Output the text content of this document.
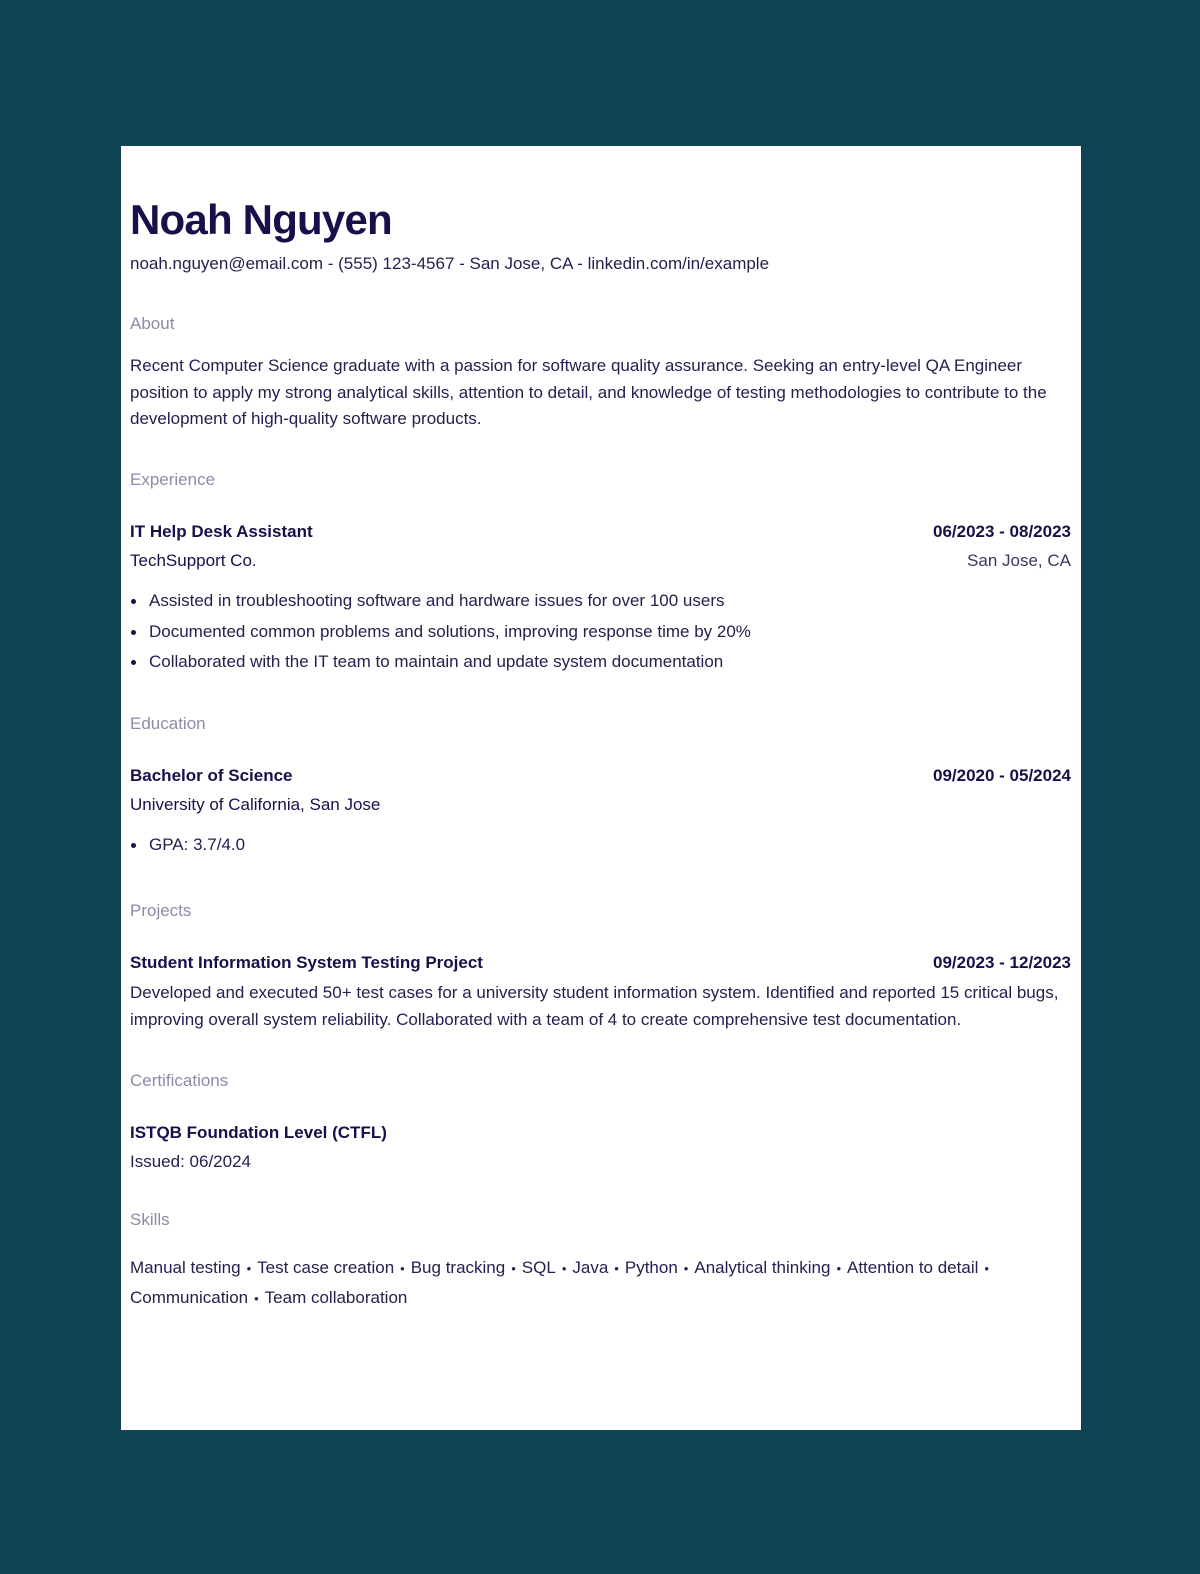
Noah Nguyen
noah.nguyen@email.com - (555) 123-4567 - San Jose, CA - linkedin.com/in/example
About
Recent Computer Science graduate with a passion for software quality assurance. Seeking an entry-level QA Engineer position to apply my strong analytical skills, attention to detail, and knowledge of testing methodologies to contribute to the development of high-quality software products.
Experience
IT Help Desk Assistant	06/2023 - 08/2023
TechSupport Co.	San Jose, CA
Assisted in troubleshooting software and hardware issues for over 100 users
Documented common problems and solutions, improving response time by 20%
Collaborated with the IT team to maintain and update system documentation
Education
Bachelor of Science	09/2020 - 05/2024
University of California, San Jose
GPA: 3.7/4.0
Projects
Student Information System Testing Project	09/2023 - 12/2023
Developed and executed 50+ test cases for a university student information system. Identified and reported 15 critical bugs, improving overall system reliability. Collaborated with a team of 4 to create comprehensive test documentation.
Certifications
ISTQB Foundation Level (CTFL)
Issued: 06/2024
Skills
Manual testing • Test case creation • Bug tracking • SQL • Java • Python • Analytical thinking • Attention to detail •Communication • Team collaboration
